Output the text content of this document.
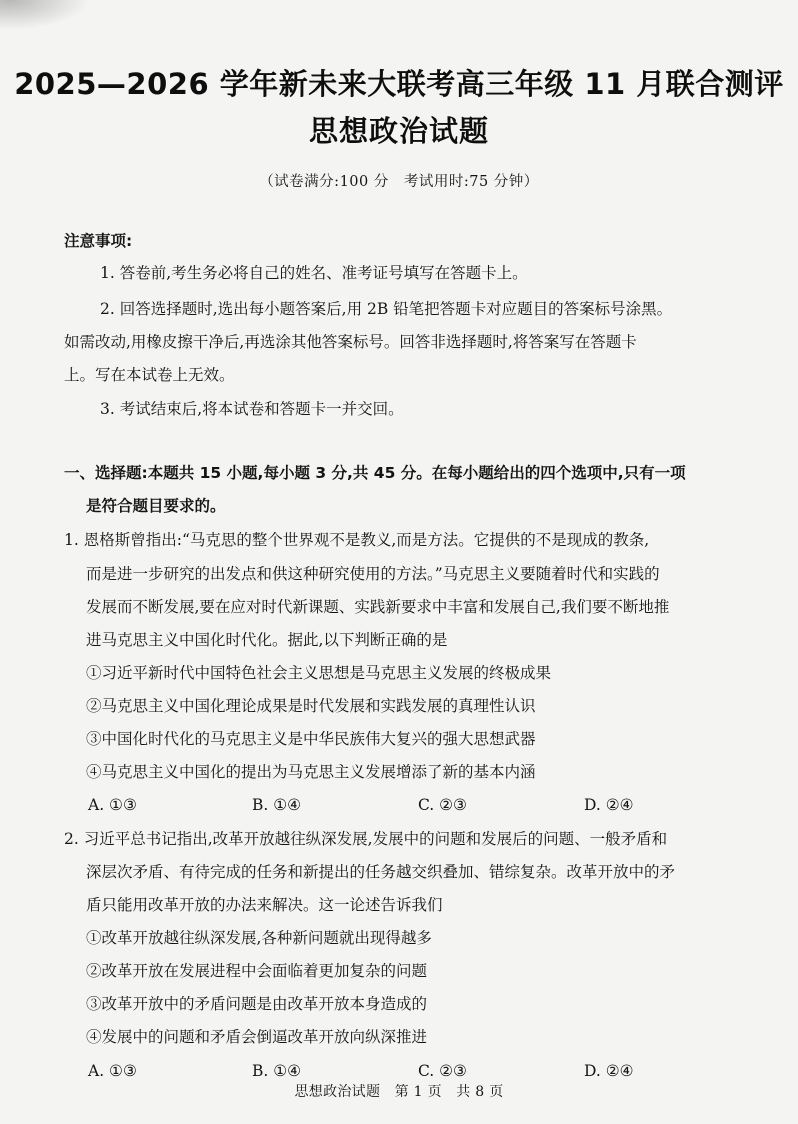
2025—2026 学年新未来大联考高三年级 11 月联合测评
思想政治试题
（试卷满分:100 分　考试用时:75 分钟）
注意事项:
1. 答卷前,考生务必将自己的姓名、准考证号填写在答题卡上。
2. 回答选择题时,选出每小题答案后,用 2B 铅笔把答题卡对应题目的答案标号涂黑。
如需改动,用橡皮擦干净后,再选涂其他答案标号。回答非选择题时,将答案写在答题卡
上。写在本试卷上无效。
3. 考试结束后,将本试卷和答题卡一并交回。
一、选择题:本题共 15 小题,每小题 3 分,共 45 分。在每小题给出的四个选项中,只有一项
是符合题目要求的。
1. 恩格斯曾指出:“马克思的整个世界观不是教义,而是方法。它提供的不是现成的教条,
而是进一步研究的出发点和供这种研究使用的方法。”马克思主义要随着时代和实践的
发展而不断发展,要在应对时代新课题、实践新要求中丰富和发展自己,我们要不断地推
进马克思主义中国化时代化。据此,以下判断正确的是
①习近平新时代中国特色社会主义思想是马克思主义发展的终极成果
②马克思主义中国化理论成果是时代发展和实践发展的真理性认识
③中国化时代化的马克思主义是中华民族伟大复兴的强大思想武器
④马克思主义中国化的提出为马克思主义发展增添了新的基本内涵
A. ①③	B. ①④	C. ②③	D. ②④
2. 习近平总书记指出,改革开放越往纵深发展,发展中的问题和发展后的问题、一般矛盾和
深层次矛盾、有待完成的任务和新提出的任务越交织叠加、错综复杂。改革开放中的矛
盾只能用改革开放的办法来解决。这一论述告诉我们
①改革开放越往纵深发展,各种新问题就出现得越多
②改革开放在发展进程中会面临着更加复杂的问题
③改革开放中的矛盾问题是由改革开放本身造成的
④发展中的问题和矛盾会倒逼改革开放向纵深推进
A. ①③	B. ①④	C. ②③	D. ②④
思想政治试题　第 1 页　共 8 页
